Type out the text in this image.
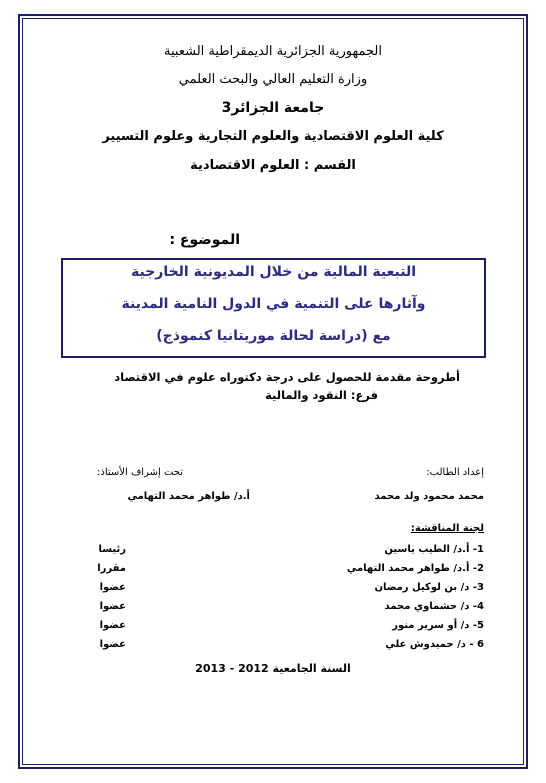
الجمهورية الجزائرية الديمقراطية الشعبية
وزارة التعليم العالي والبحث العلمي
جامعة الجزائر3
كلية العلوم الاقتصادية والعلوم التجارية وعلوم التسيير
القسم : العلوم الاقتصادية
الموضوع :
التبعية المالية من خلال المديونية الخارجية
وآثارها على التنمية في الدول النامية المدينة
مع (دراسة لحالة موريتانيا كنموذج)
أطروحة مقدمة للحصول على درجة دكتوراه علوم في الاقتصاد
فرع: النقود والمالية
إعداد الطالب:
تحت إشراف الأستاذ:
محمد محمود ولد محمد
أ.د/ طواهر محمد التهامي
لجنة المناقشة:
1- أ.د/ الطيب ياسين
رئيسا
2- أ.د/ طواهر محمد التهامي
مقررا
3- د/ بن لوكيل رمضان
عضوا
4- د/ حشماوي محمد
عضوا
5- د/ أو سرير منور
عضوا
6 - د/ حميدوش علي
عضوا
السنة الجامعية 2012 - 2013
